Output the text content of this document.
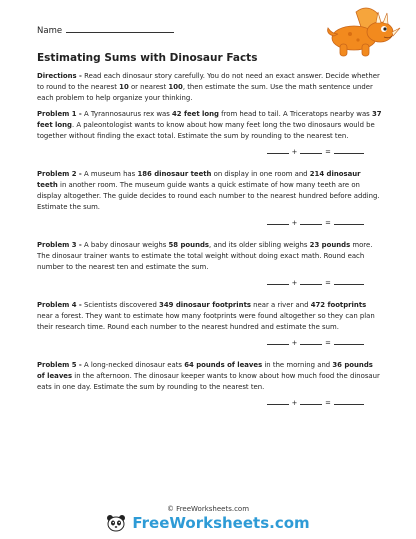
Name
Estimating Sums with Dinosaur Facts

Directions - Read each dinosaur story carefully. You do not need an exact answer. Decide whether to round to the nearest 10 or nearest 100, then estimate the sum. Use the math sentence under each problem to help organize your thinking.

Problem 1 - A Tyrannosaurus rex was 42 feet long from head to tail. A Triceratops nearby was 37 feet long. A paleontologist wants to know about how many feet long the two dinosaurs would be together without finding the exact total. Estimate the sum by rounding to the nearest ten.

+	=

Problem 2 - A museum has 186 dinosaur teeth on display in one room and 214 dinosaur teeth in another room. The museum guide wants a quick estimate of how many teeth are on display altogether. The guide decides to round each number to the nearest hundred before adding. Estimate the sum.

+	=

Problem 3 - A baby dinosaur weighs 58 pounds, and its older sibling weighs 23 pounds more. The dinosaur trainer wants to estimate the total weight without doing exact math. Round each number to the nearest ten and estimate the sum.

+	=

Problem 4 - Scientists discovered 349 dinosaur footprints near a river and 472 footprints near a forest. They want to estimate how many footprints were found altogether so they can plan their research time. Round each number to the nearest hundred and estimate the sum.

+	=

Problem 5 - A long-necked dinosaur eats 64 pounds of leaves in the morning and 36 pounds of leaves in the afternoon. The dinosaur keeper wants to know about how much food the dinosaur eats in one day. Estimate the sum by rounding to the nearest ten.

+	=
© FreeWorksheets.com
FreeWorksheets.com
